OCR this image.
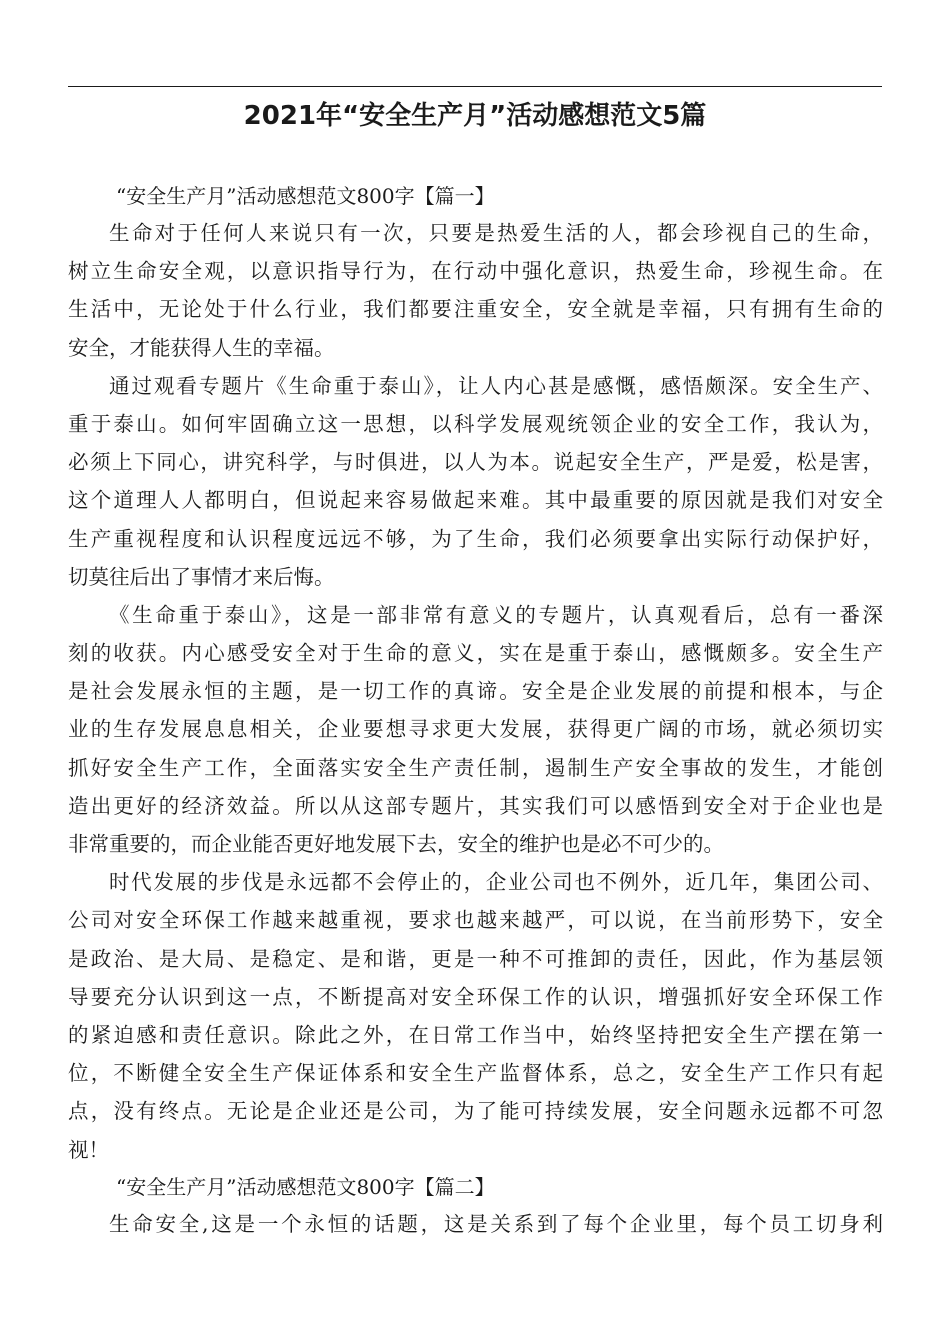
2021年“安全生产月”活动感想范文5篇
“安全生产月”活动感想范文800字【篇一】
生命对于任何人来说只有一次，只要是热爱生活的人，都会珍视自己的生命，
树立生命安全观，以意识指导行为，在行动中强化意识，热爱生命，珍视生命。在
生活中，无论处于什么行业，我们都要注重安全，安全就是幸福，只有拥有生命的
安全，才能获得人生的幸福。
通过观看专题片《生命重于泰山》，让人内心甚是感慨，感悟颇深。安全生产、
重于泰山。如何牢固确立这一思想，以科学发展观统领企业的安全工作，我认为，
必须上下同心，讲究科学，与时俱进，以人为本。说起安全生产，严是爱，松是害，
这个道理人人都明白，但说起来容易做起来难。其中最重要的原因就是我们对安全
生产重视程度和认识程度远远不够，为了生命，我们必须要拿出实际行动保护好，
切莫往后出了事情才来后悔。
《生命重于泰山》，这是一部非常有意义的专题片，认真观看后，总有一番深
刻的收获。内心感受安全对于生命的意义，实在是重于泰山，感慨颇多。安全生产
是社会发展永恒的主题，是一切工作的真谛。安全是企业发展的前提和根本，与企
业的生存发展息息相关，企业要想寻求更大发展，获得更广阔的市场，就必须切实
抓好安全生产工作，全面落实安全生产责任制，遏制生产安全事故的发生，才能创
造出更好的经济效益。所以从这部专题片，其实我们可以感悟到安全对于企业也是
非常重要的，而企业能否更好地发展下去，安全的维护也是必不可少的。
时代发展的步伐是永远都不会停止的，企业公司也不例外，近几年，集团公司、
公司对安全环保工作越来越重视，要求也越来越严，可以说，在当前形势下，安全
是政治、是大局、是稳定、是和谐，更是一种不可推卸的责任，因此，作为基层领
导要充分认识到这一点，不断提高对安全环保工作的认识，增强抓好安全环保工作
的紧迫感和责任意识。除此之外，在日常工作当中，始终坚持把安全生产摆在第一
位，不断健全安全生产保证体系和安全生产监督体系，总之，安全生产工作只有起
点，没有终点。无论是企业还是公司，为了能可持续发展，安全问题永远都不可忽
视！
“安全生产月”活动感想范文800字【篇二】
生命安全,这是一个永恒的话题，这是关系到了每个企业里，每个员工切身利
